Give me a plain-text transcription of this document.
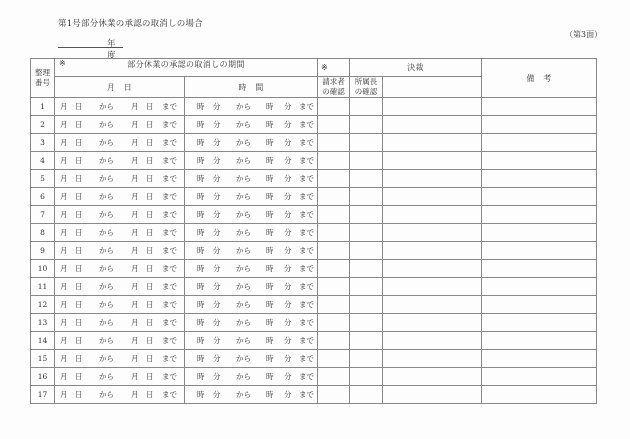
第1号部分休業の承認の取消しの場合
（第3面）
年度
整理
番号

※	部分休業の承認の取消しの期間	※	決裁	備　考
月　日	時　間	
請求者
の確認

所属長
の確認

1	月 日 から 月 日 まで	時 分 から 時 分 まで

2	月 日 から 月 日 まで	時 分 から 時 分 まで

3	月 日 から 月 日 まで	時 分 から 時 分 まで

4	月 日 から 月 日 まで	時 分 から 時 分 まで

5	月 日 から 月 日 まで	時 分 から 時 分 まで

6	月 日 から 月 日 まで	時 分 から 時 分 まで

7	月 日 から 月 日 まで	時 分 から 時 分 まで

8	月 日 から 月 日 まで	時 分 から 時 分 まで

9	月 日 から 月 日 まで	時 分 から 時 分 まで

10	月 日 から 月 日 まで	時 分 から 時 分 まで

11	月 日 から 月 日 まで	時 分 から 時 分 まで

12	月 日 から 月 日 まで	時 分 から 時 分 まで

13	月 日 から 月 日 まで	時 分 から 時 分 まで

14	月 日 から 月 日 まで	時 分 から 時 分 まで

15	月 日 から 月 日 まで	時 分 から 時 分 まで

16	月 日 から 月 日 まで	時 分 から 時 分 まで

17	月 日 から 月 日 まで	時 分 から 時 分 まで
